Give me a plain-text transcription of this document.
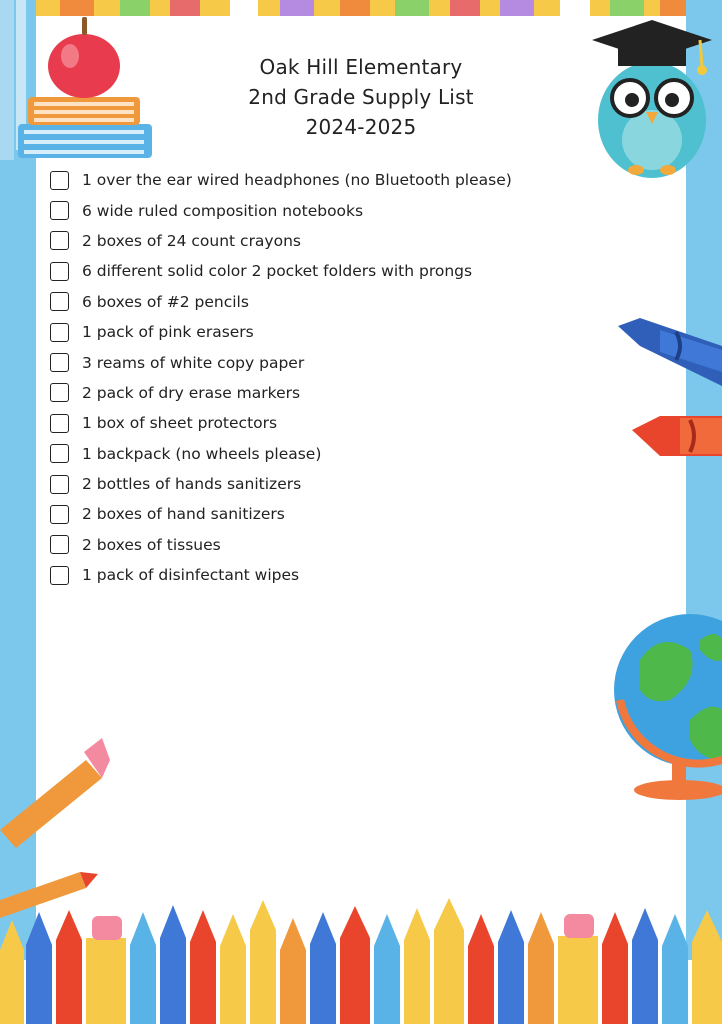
Oak Hill Elementary
2nd Grade Supply List
2024-2025
1 over the ear wired headphones (no Bluetooth please)
6 wide ruled composition notebooks
2 boxes of 24 count crayons
6 different solid color 2 pocket folders with prongs
6 boxes of #2 pencils
1 pack of pink erasers
3 reams of white copy paper
2 pack of dry erase markers
1 box of sheet protectors
1 backpack (no wheels please)
2 bottles of hands sanitizers
2 boxes of hand sanitizers
2 boxes of tissues
1 pack of disinfectant wipes
